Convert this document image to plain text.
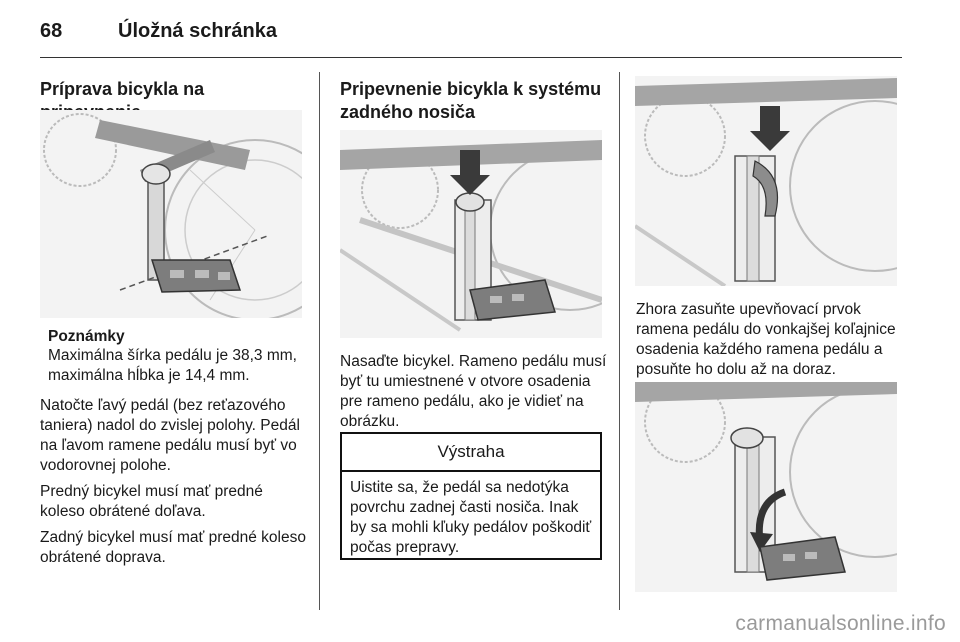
68	Úložná schránka
Príprava bicykla na
Poznámky
Maximálna šírka pedálu je 38,3 mm, maximálna hĺbka je 14,4 mm.

Natočte ľavý pedál (bez reťazového taniera) nadol do zvislej polohy. Pedál na ľavom ramene pedálu musí byť vo vodorovnej polohe.

Predný bicykel musí mať predné koleso obrátené doľava.

Zadný bicykel musí mať predné koleso obrátené doprava.

Pripevnenie bicykla k systému zadného nosiča
Nasaďte bicykel. Rameno pedálu musí byť tu umiestnené v otvore osadenia pre rameno pedálu, ako je vidieť na obrázku.
Výstraha
Uistite sa, že pedál sa nedotýka povrchu zadnej časti nosiča. Inak by sa mohli kľuky pedálov poškodiť počas prepravy.
Zhora zasuňte upevňovací prvok ramena pedálu do vonkajšej koľajnice osadenia každého ramena pedálu a posuňte ho dolu až na doraz.
carmanualsonline.info
